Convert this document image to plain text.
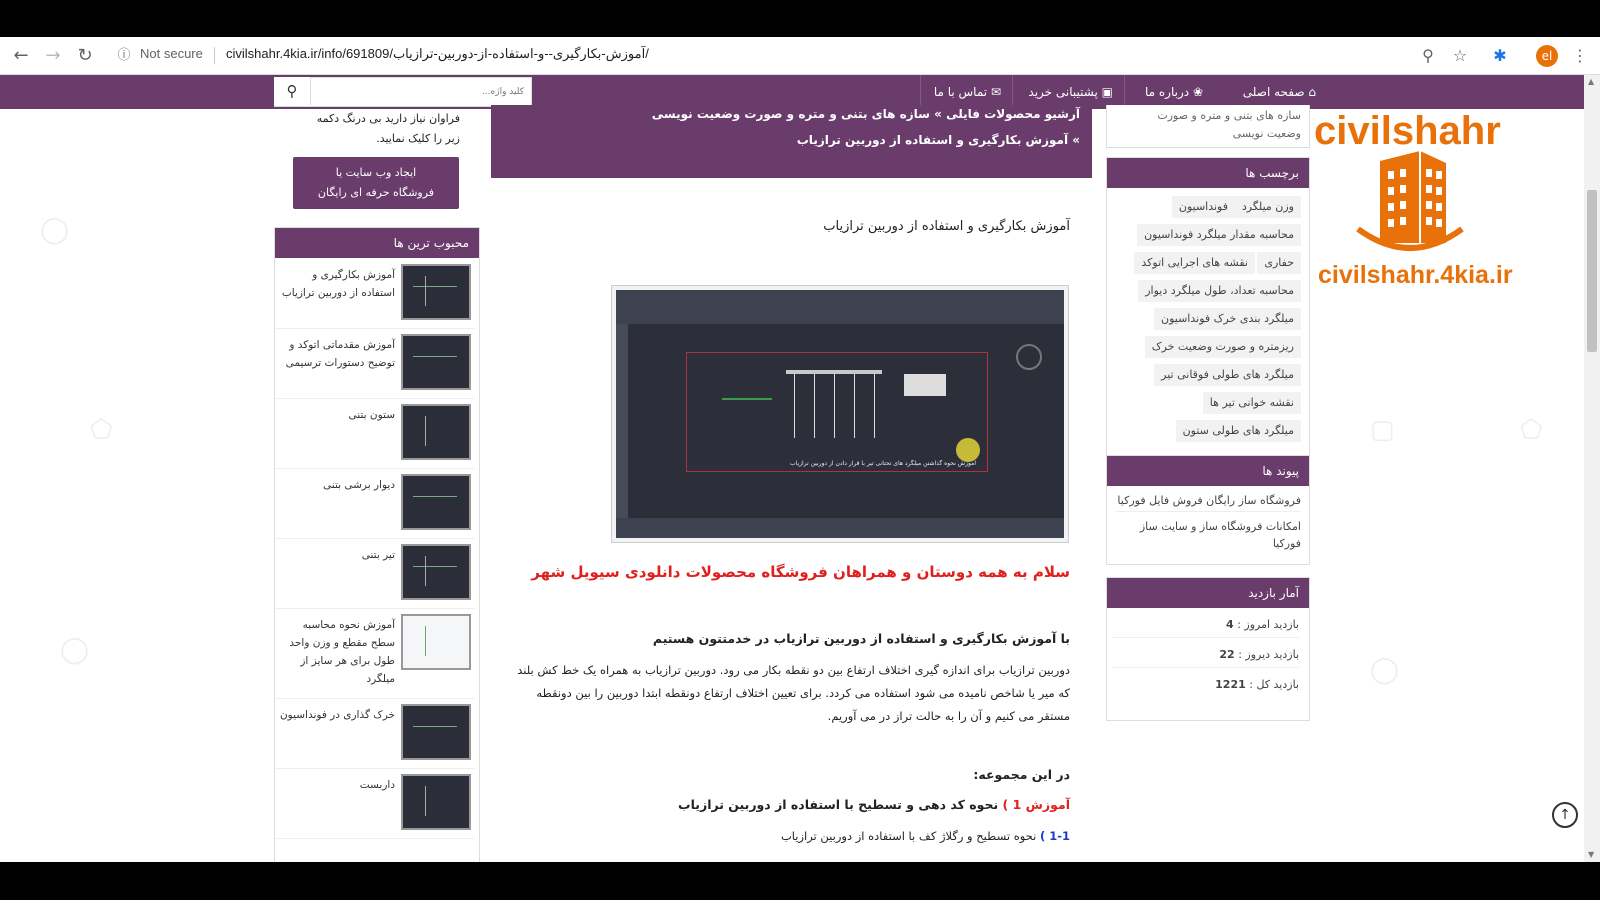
← → ↻	ⓘ Not secure civilshahr.4kia.ir/info/691809/آموزش-بکارگیری--و-استفاده-از-دوربین-ترازیاب/	⚲	☆	✱	el	⋮
◯
⬠	▢	⬠
◯
◯
⌂ صفحه اصلی
❀ درباره ما
▣ پشتیبانی خرید
✉ تماس با ما
⚲
کلید واژه...
فراوان نیاز دارید بی درنگ دکمه زیر را کلیک نمایید.
ایجاد وب سایت یا
فروشگاه حرفه ای رایگان
محبوب ترین ها
آموزش بکارگیری و استفاده از دوربین ترازیاب
آموزش مقدماتی اتوکد و توضیح دستورات ترسیمی
ستون بتنی
دیوار برشی بتنی
تیر بتنی
آموزش نحوه محاسبه سطح مقطع و وزن واحد طول برای هر سایز از میلگرد
خرک گذاری در فونداسیون
داربست
آرشیو محصولات فایلی » سازه های بتنی و متره و صورت وضعیت نویسی
» آموزش بکارگیری و استفاده از دوربین ترازیاب
آموزش بکارگیری و استفاده از دوربین ترازیاب
آموزش نحوه گذاشتن میلگرد های تحتانی تیر با قرار دادن از دوربین ترازیاب
سلام به همه دوستان و همراهان فروشگاه محصولات دانلودی سیویل شهر
با آموزش بکارگیری و استفاده از دوربین ترازیاب در خدمتتون هستیم
دوربین ترازیاب برای اندازه گیری اختلاف ارتفاع بین دو نقطه بکار می رود. دوربین ترازیاب به همراه یک خط کش بلند که میر یا شاخص نامیده می شود استفاده می کردد. برای تعیین اختلاف ارتفاع دونقطه ابتدا دوربین را بین دونقطه مستقر می کنیم و آن را به حالت تراز در می آوریم.
در این مجموعه:
آموزش 1 ) نحوه کد دهی و تسطیح با استفاده از دوربین ترازیاب
1-1 ) نحوه تسطیح و رگلاژ کف با استفاده از دوربین ترازیاب
سازه های بتنی و متره و صورت وضعیت نویسی
برچسب ها
وزن میلگرد
فونداسیون
محاسبه مقدار میلگرد فونداسیون
حفاری
نقشه های اجرایی اتوکد
محاسبه تعداد، طول میلگرد دیوار
میلگرد بندی خرک فونداسیون
ریزمتره و صورت وضعیت خرک
میلگرد های طولی فوقانی تیر
نقشه خوانی تیر ها
میلگرد های طولی ستون
پیوند ها
فروشگاه ساز رایگان فروش فایل فورکیا
امکانات فروشگاه ساز و سایت ساز فورکیا
آمار بازدید
بازدید امروز : 4
بازدید دیروز : 22
بازدید کل : 1221
civilshahr
civilshahr.4kia.ir
↑
▲
▼
